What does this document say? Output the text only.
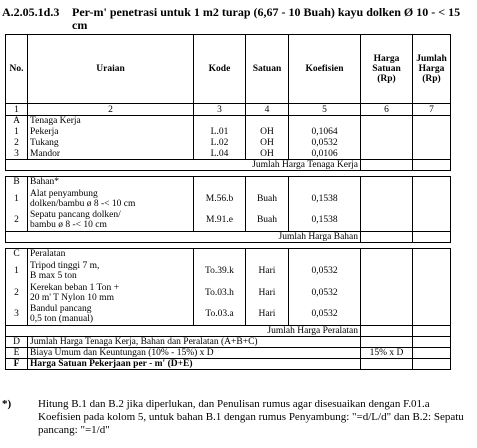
A.2.05.1d.3 Per-m' penetrasi untuk 1 m2 turap (6,67 - 10 Buah) kayu dolken Ø 10 - < 15 cm
No.	Uraian	Kode	Satuan	Koefisien	Harga Satuan (Rp)	Jumlah Harga (Rp)
1	2	3	4	5	6	7
A	Tenaga Kerja					
1	Pekerja	L.01	OH	0,1064		
2	Tukang	L.02	OH	0,0532		
3	Mandor	L.04	OH	0,0106		
Jumlah Harga Tenaga Kerja						

B	Bahan*					
1	Alat penyambung
dolken/bambu ø 8 -< 10 cm	M.56.b	Buah	0,1538		
2	Sepatu pancang dolken/
bambu ø 8 -< 10 cm	M.91.e	Buah	0,1538		
Jumlah Harga Bahan						

C	Peralatan					
1	Tripod tinggi 7 m,
B max 5 ton	To.39.k	Hari	0,0532		
2	Kerekan beban 1 Ton +
20 m' T Nylon 10 mm	To.03.h	Hari	0,0532		
3	Bandul pancang
0,5 ton (manual)	To.03.a	Hari	0,0532		
Jumlah Harga Peralatan						
D	Jumlah Harga Tenaga Kerja, Bahan dan Peralatan (A+B+C)					
E	Biaya Umum dan Keuntungan (10% - 15%) x D				15% x D	
F	Harga Satuan Pekerjaan per - m' (D+E)					
*) Hitung B.1 dan B.2 jika diperlukan, dan Penulisan rumus agar disesuaikan dengan F.01.a Koefisien pada kolom 5, untuk bahan B.1 dengan rumus Penyambung: "=d/L/d" dan B.2: Sepatu pancang: "=1/d"
